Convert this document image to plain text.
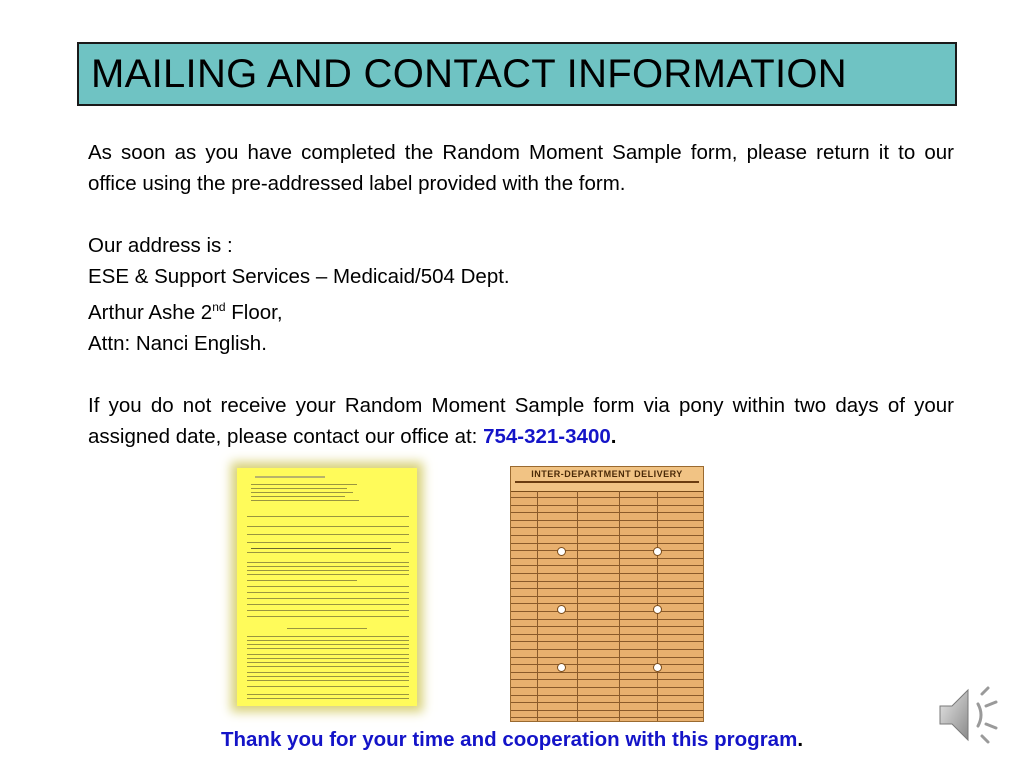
MAILING AND CONTACT INFORMATION

As soon as you have completed the Random Moment Sample form, please return it to our office using the pre-addressed label provided with the form.

Our address is :

ESE & Support Services – Medicaid/504 Dept.

Arthur Ashe 2nd Floor,

Attn: Nanci English.

If you do not receive your Random Moment Sample form via pony within two days of your assigned date, please contact our office at: 754-321-3400.

INTER-DEPARTMENT DELIVERY
Thank you for your time and cooperation with this program.
